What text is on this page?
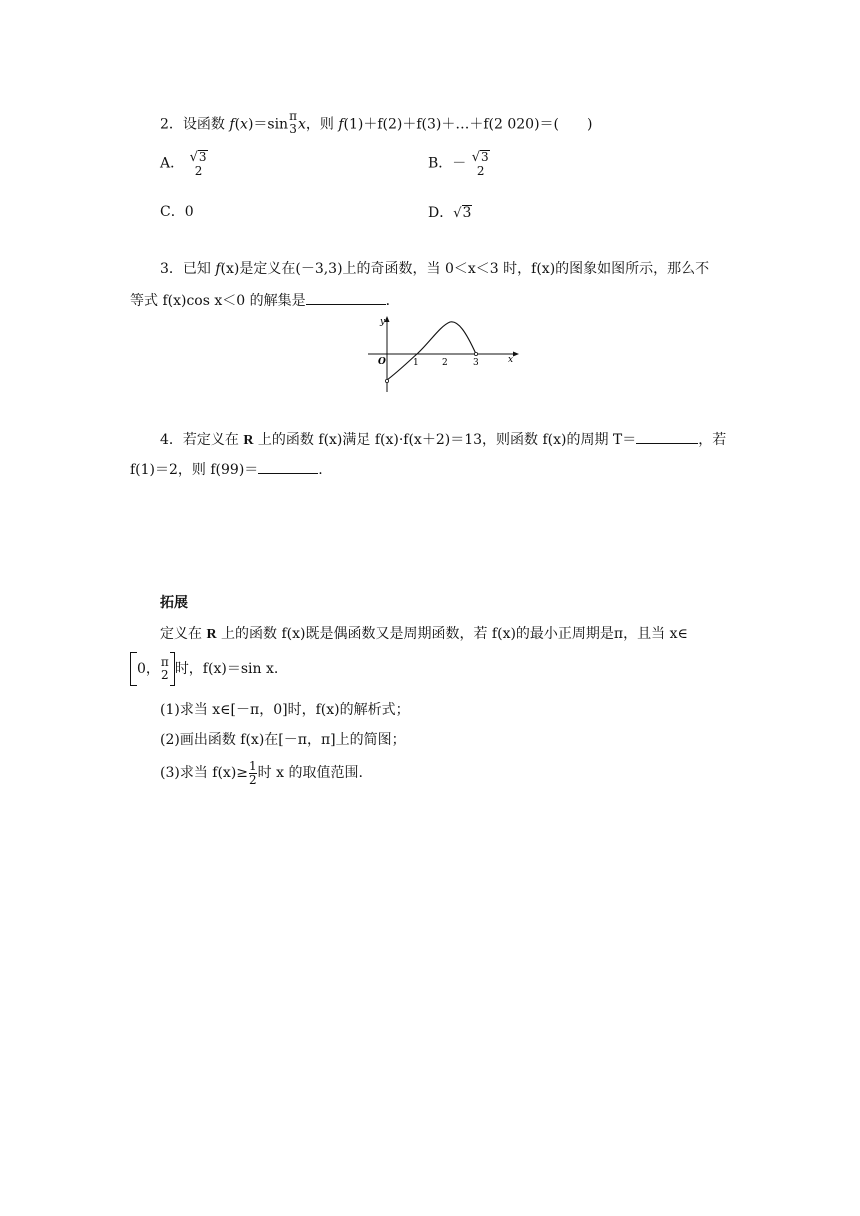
2．设函数 f(x)＝sin
π
3 x，则 f(1)＋f(2)＋f(3)＋…＋f(2 020)＝(　　)
A． √3
2	B．－ √3
2
C．0	D．√3
3．已知 f(x)是定义在(－3,3)上的奇函数，当 0＜x＜3 时，f(x)的图象如图所示，那么不
等式 f(x)cos x＜0 的解集是	．
y
x
O	1	2	3
4．若定义在 R 上的函数 f(x)满足 f(x)·f(x＋2)＝13，则函数 f(x)的周期 T＝	，若
f(1)＝2，则 f(99)＝	.
拓展
定义在 R 上的函数 f(x)既是偶函数又是周期函数，若 f(x)的最小正周期是π，且当 x∈
0， π
2 时，f(x)＝sin x.
(1)求当 x∈[－π，0]时，f(x)的解析式；
(2)画出函数 f(x)在[－π，π]上的简图；
(3)求当 $f(x)\ge \frac{1}{2}$ 时 x 的取值范围.
